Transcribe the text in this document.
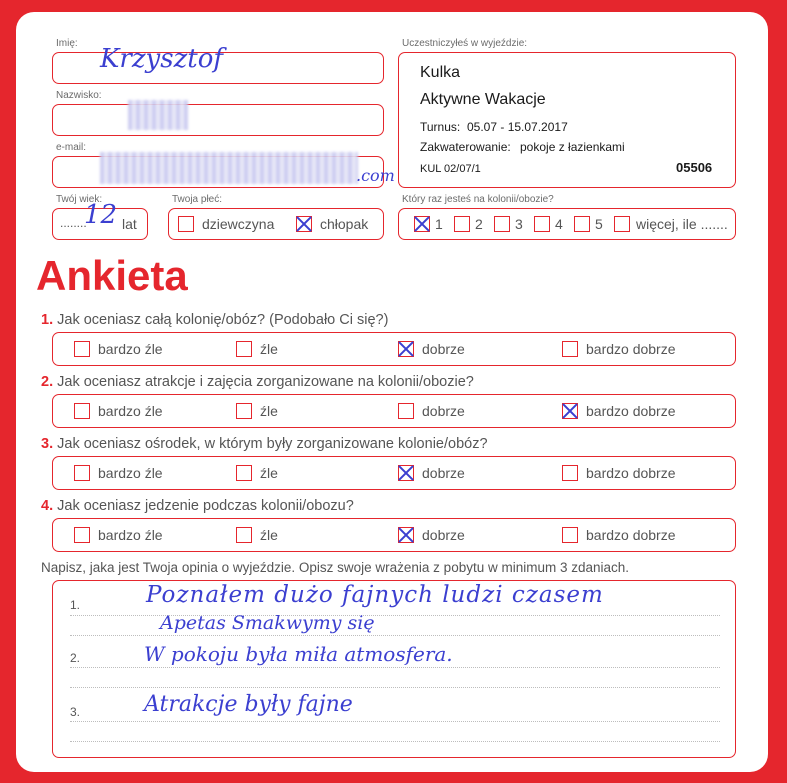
Imię:
Krzysztof
Nazwisko:
e-mail:
.com
Twój wiek:
........
12 lat
Twoja płeć:
dziewczyna	chłopak
Uczestniczyłeś w wyjeździe:
Kulka
Aktywne Wakacje
Turnus: 05.07 - 15.07.2017
Zakwaterowanie: pokoje z łazienkami
KUL 02/07/1	05506
Który raz jesteś na kolonii/obozie?
1 2 3 4 5 więcej, ile .......
Ankieta
1. Jak oceniasz całą kolonię/obóz? (Podobało Ci się?)
bardzo źle	źle	dobrze	bardzo dobrze
2. Jak oceniasz atrakcje i zajęcia zorganizowane na kolonii/obozie?
bardzo źle	źle	dobrze	bardzo dobrze
3. Jak oceniasz ośrodek, w którym były zorganizowane kolonie/obóz?
bardzo źle	źle	dobrze	bardzo dobrze
4. Jak oceniasz jedzenie podczas kolonii/obozu?
bardzo źle	źle	dobrze	bardzo dobrze
Napisz, jaka jest Twoja opinia o wyjeździe. Opisz swoje wrażenia z pobytu w minimum 3 zdaniach.
1.
2.
3.
Poznałem dużo fajnych ludzi czasem
Apetas Smakwymy się
W pokoju była miła atmosfera.
Atrakcje były fajne
